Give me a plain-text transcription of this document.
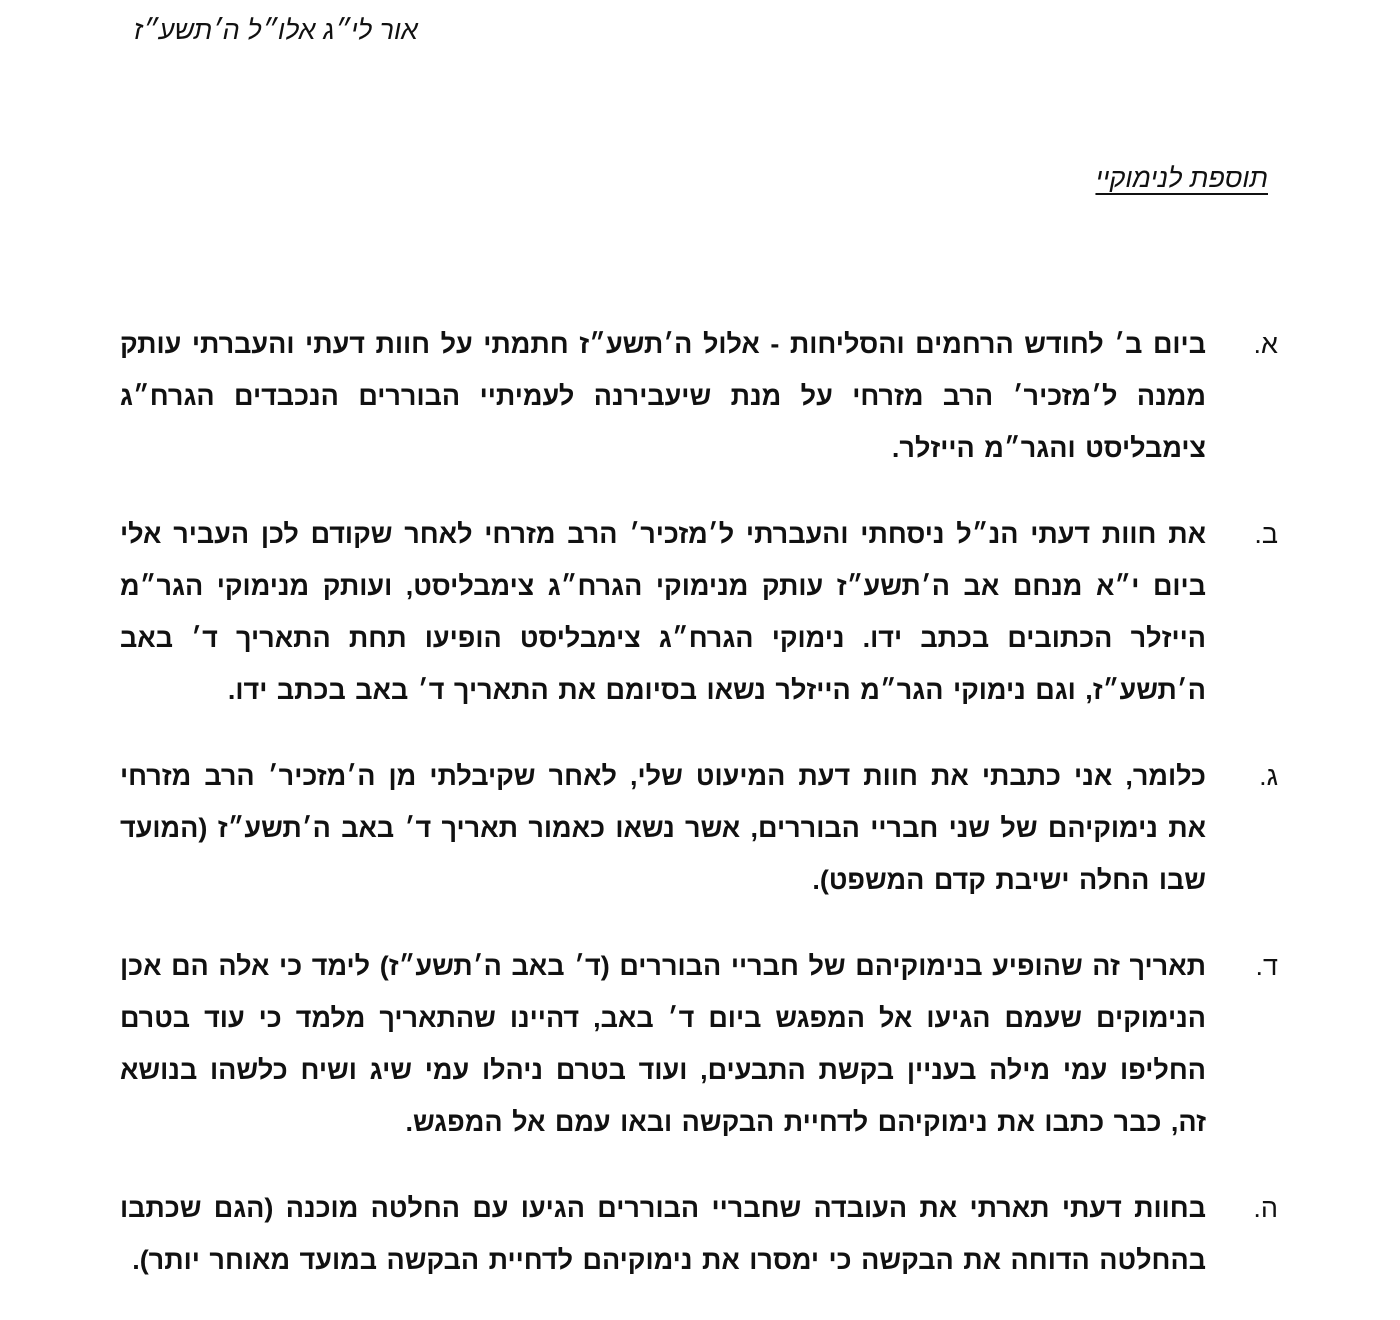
אור לי״ג אלו״ל ה׳תשע״ז
תוספת לנימוקיי
א.
ביום ב׳ לחודש הרחמים והסליחות - אלול ה׳תשע״ז חתמתי על חוות דעתי והעברתי עותק ממנה ל׳מזכיר׳ הרב מזרחי על מנת שיעבירנה לעמיתיי הבוררים הנכבדים הגרח״ג צימבליסט והגר״מ הייזלר.
ב.
את חוות דעתי הנ״ל ניסחתי והעברתי ל׳מזכיר׳ הרב מזרחי לאחר שקודם לכן העביר אלי ביום י״א מנחם אב ה׳תשע״ז עותק מנימוקי הגרח״ג צימבליסט, ועותק מנימוקי הגר״מ הייזלר הכתובים בכתב ידו. נימוקי הגרח״ג צימבליסט הופיעו תחת התאריך ד׳ באב ה׳תשע״ז, וגם נימוקי הגר״מ הייזלר נשאו בסיומם את התאריך ד׳ באב בכתב ידו.
ג.
כלומר, אני כתבתי את חוות דעת המיעוט שלי, לאחר שקיבלתי מן ה׳מזכיר׳ הרב מזרחי את נימוקיהם של שני חבריי הבוררים, אשר נשאו כאמור תאריך ד׳ באב ה׳תשע״ז (המועד שבו החלה ישיבת קדם המשפט).
ד.
תאריך זה שהופיע בנימוקיהם של חבריי הבוררים (ד׳ באב ה׳תשע״ז) לימד כי אלה הם אכן הנימוקים שעמם הגיעו אל המפגש ביום ד׳ באב, דהיינו שהתאריך מלמד כי עוד בטרם החליפו עמי מילה בעניין בקשת התבעים, ועוד בטרם ניהלו עמי שיג ושיח כלשהו בנושא זה, כבר כתבו את נימוקיהם לדחיית הבקשה ובאו עמם אל המפגש.
ה.
בחוות דעתי תארתי את העובדה שחבריי הבוררים הגיעו עם החלטה מוכנה (הגם שכתבו בהחלטה הדוחה את הבקשה כי ימסרו את נימוקיהם לדחיית הבקשה במועד מאוחר יותר).
